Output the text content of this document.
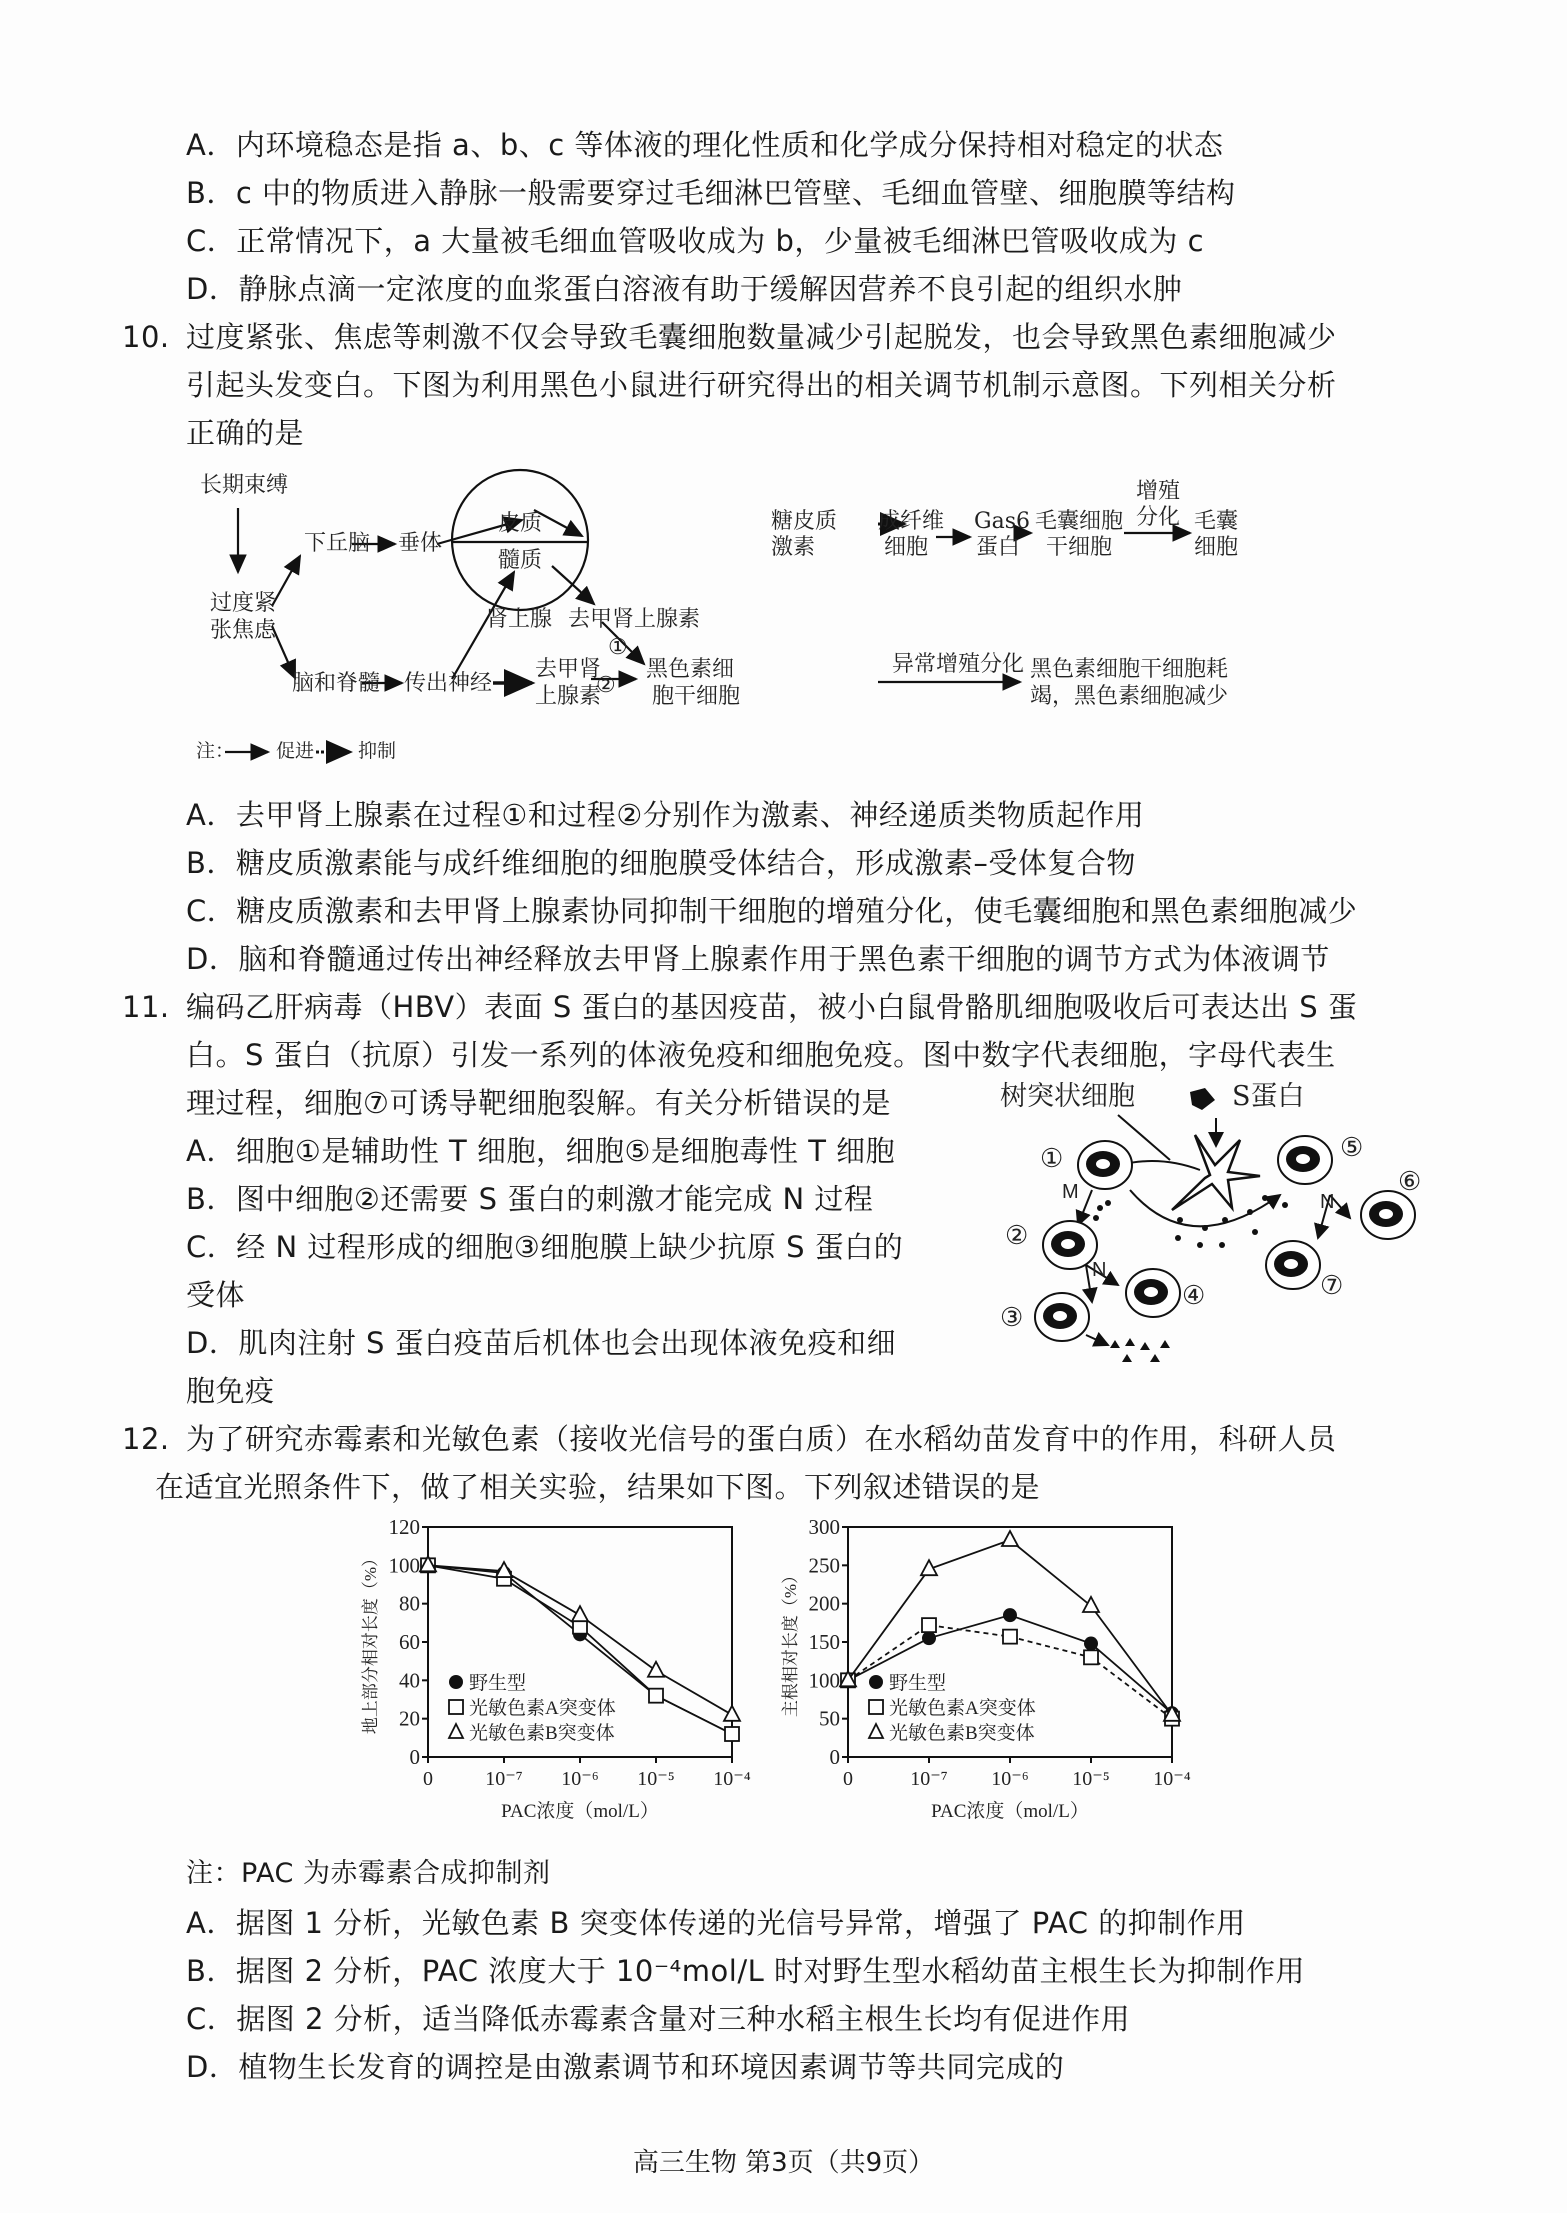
A．内环境稳态是指 a、b、c 等体液的理化性质和化学成分保持相对稳定的状态
B．c 中的物质进入静脉一般需要穿过毛细淋巴管壁、毛细血管壁、细胞膜等结构
C．正常情况下，a 大量被毛细血管吸收成为 b，少量被毛细淋巴管吸收成为 c
D．静脉点滴一定浓度的血浆蛋白溶液有助于缓解因营养不良引起的组织水肿
10. 过度紧张、焦虑等刺激不仅会导致毛囊细胞数量减少引起脱发，也会导致黑色素细胞减少
引起头发变白。下图为利用黑色小鼠进行研究得出的相关调节机制示意图。下列相关分析
正确的是
长期束缚
过度紧
张焦虑
下丘脑 垂体
皮质
髓质
肾上腺 去甲肾上腺素
①
②
糖皮质
激素
成纤维
细胞
Gas6
蛋白
毛囊细胞
干细胞
增殖
分化 毛囊
细胞
脑和脊髓 传出神经
去甲肾
上腺素
黑色素细
胞干细胞
异常增殖分化 黑色素细胞干细胞耗
竭，黑色素细胞减少
注： 促进 抑制
A．去甲肾上腺素在过程①和过程②分别作为激素、神经递质类物质起作用
B．糖皮质激素能与成纤维细胞的细胞膜受体结合，形成激素–受体复合物
C．糖皮质激素和去甲肾上腺素协同抑制干细胞的增殖分化，使毛囊细胞和黑色素细胞减少
D．脑和脊髓通过传出神经释放去甲肾上腺素作用于黑色素干细胞的调节方式为体液调节
11. 编码乙肝病毒（HBV）表面 S 蛋白的基因疫苗，被小白鼠骨骼肌细胞吸收后可表达出 S 蛋
白。S 蛋白（抗原）引发一系列的体液免疫和细胞免疫。图中数字代表细胞，字母代表生
理过程，细胞⑦可诱导靶细胞裂解。有关分析错误的是
A．细胞①是辅助性 T 细胞，细胞⑤是细胞毒性 T 细胞
B．图中细胞②还需要 S 蛋白的刺激才能完成 N 过程
C．经 N 过程形成的细胞③细胞膜上缺少抗原 S 蛋白的
受体
D．肌肉注射 S 蛋白疫苗后机体也会出现体液免疫和细
胞免疫
树突状细胞	S蛋白
①
②
③
④
⑤
⑥
⑦
M
N
N
12. 为了研究赤霉素和光敏色素（接收光信号的蛋白质）在水稻幼苗发育中的作用，科研人员
在适宜光照条件下，做了相关实验，结果如下图。下列叙述错误的是
0
20
40
60
80
100
120
0	10⁻⁷ 10⁻⁶ 10⁻⁵ 10⁻⁴
PAC浓度（mol/L）
地上部分相对长度（%）	野生型
光敏色素A突变体
光敏色素B突变体
0
50
100
150
200
250
300
0	10⁻⁷ 10⁻⁶ 10⁻⁵ 10⁻⁴
PAC浓度（mol/L）
主根相对长度（%）	野生型
光敏色素A突变体
光敏色素B突变体
注：PAC 为赤霉素合成抑制剂
A．据图 1 分析，光敏色素 B 突变体传递的光信号异常，增强了 PAC 的抑制作用
B．据图 2 分析，PAC 浓度大于 10⁻⁴mol/L 时对野生型水稻幼苗主根生长为抑制作用
C．据图 2 分析，适当降低赤霉素含量对三种水稻主根生长均有促进作用
D．植物生长发育的调控是由激素调节和环境因素调节等共同完成的
高三生物 第3页（共9页）
